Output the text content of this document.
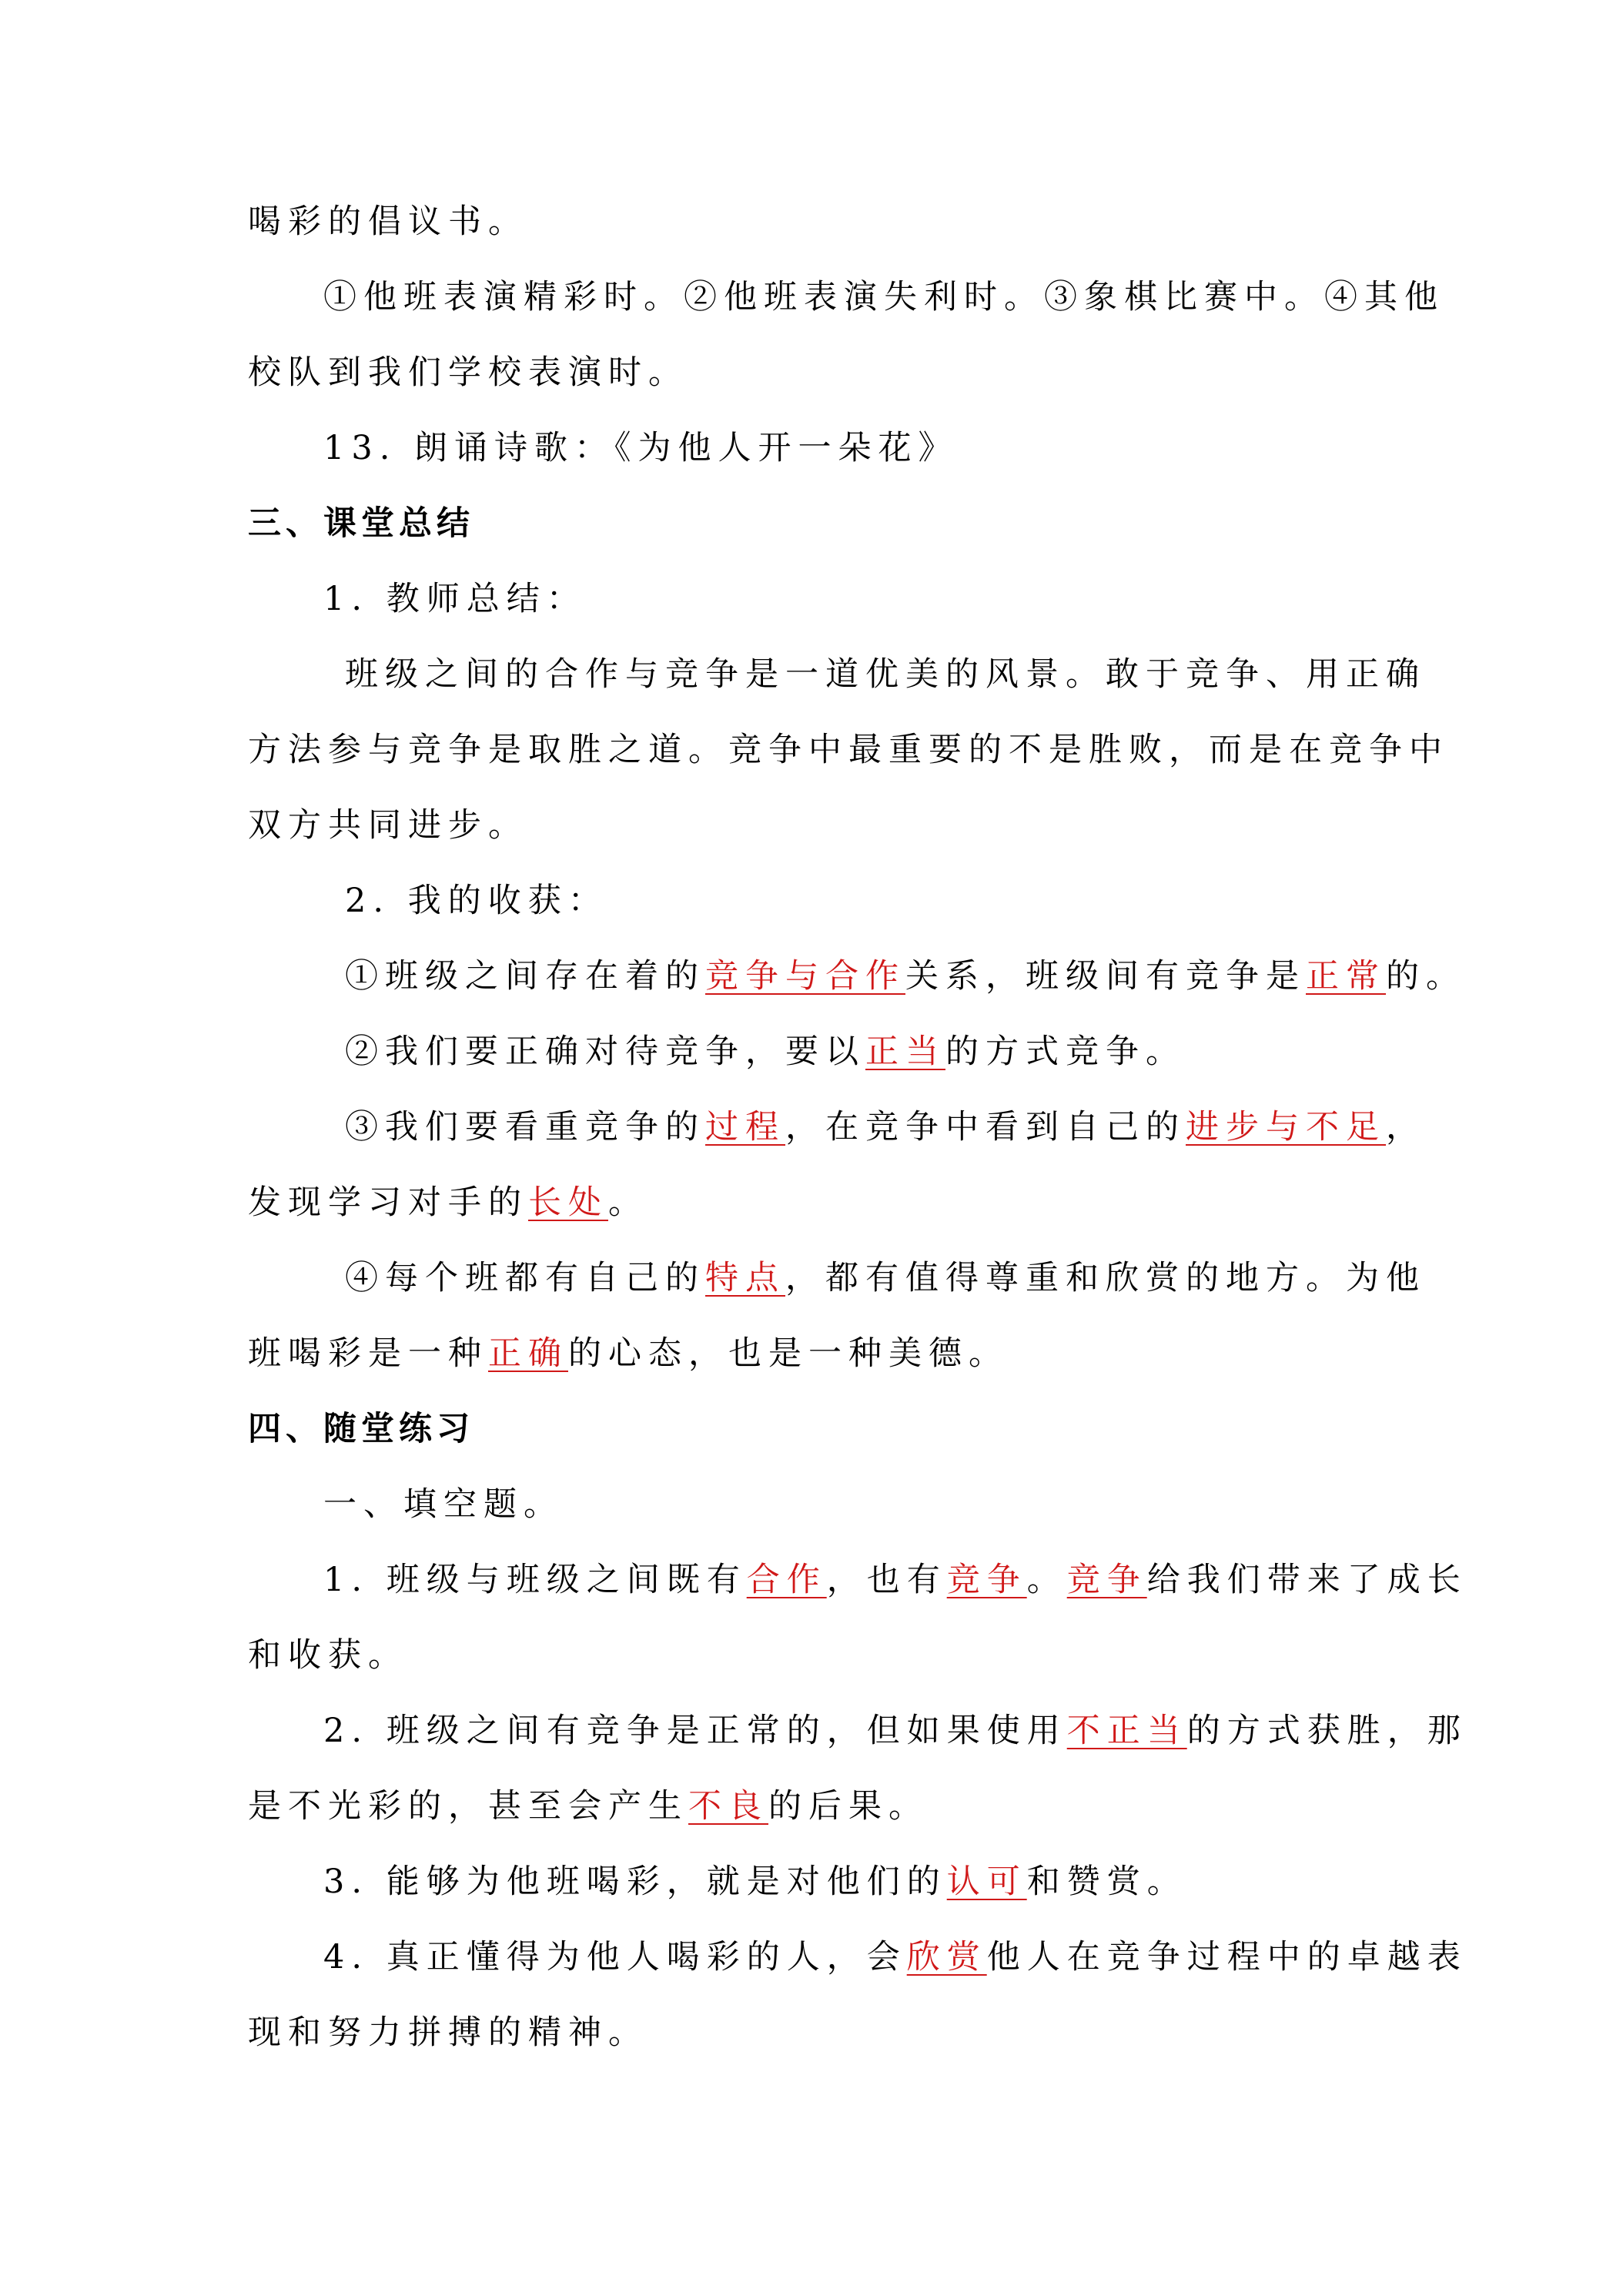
喝彩的倡议书。

①他班表演精彩时。②他班表演失利时。③象棋比赛中。④其他

校队到我们学校表演时。

13. 朗诵诗歌：《为他人开一朵花》

三、课堂总结

1. 教师总结：

班级之间的合作与竞争是一道优美的风景。敢于竞争、用正确

方法参与竞争是取胜之道。竞争中最重要的不是胜败，而是在竞争中

双方共同进步。

2. 我的收获：

①班级之间存在着的竞争与合作关系，班级间有竞争是正常的。

②我们要正确对待竞争，要以正当的方式竞争。

③我们要看重竞争的过程，在竞争中看到自己的进步与不足，

发现学习对手的长处。

④每个班都有自己的特点，都有值得尊重和欣赏的地方。为他

班喝彩是一种正确的心态，也是一种美德。

四、随堂练习

一、填空题。

1. 班级与班级之间既有合作，也有竞争。竞争给我们带来了成长

和收获。

2. 班级之间有竞争是正常的，但如果使用不正当的方式获胜，那

是不光彩的，甚至会产生不良的后果。

3. 能够为他班喝彩，就是对他们的认可和赞赏。

4. 真正懂得为他人喝彩的人，会欣赏他人在竞争过程中的卓越表

现和努力拼搏的精神。
